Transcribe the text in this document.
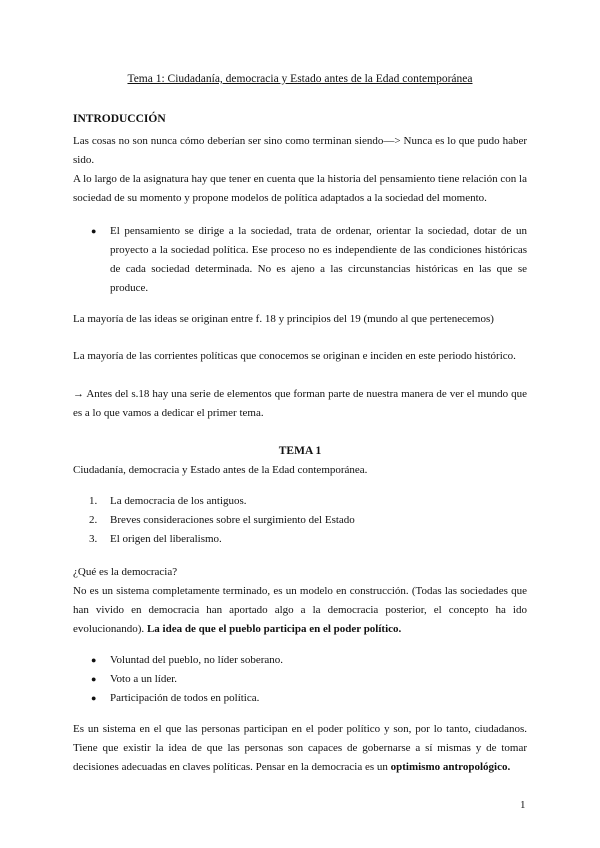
Tema 1: Ciudadanía, democracia y Estado antes de la Edad contemporánea
INTRODUCCIÓN

Las cosas no son nunca cómo deberían ser sino como terminan siendo—> Nunca es lo que pudo haber sido.

A lo largo de la asignatura hay que tener en cuenta que la historia del pensamiento tiene relación con la sociedad de su momento y propone modelos de política adaptados a la sociedad del momento.

● El pensamiento se dirige a la sociedad, trata de ordenar, orientar la sociedad, dotar de un proyecto a la sociedad política. Ese proceso no es independiente de las condiciones históricas de cada sociedad determinada. No es ajeno a las circunstancias históricas en las que se produce.

La mayoría de las ideas se originan entre f. 18 y principios del 19 (mundo al que pertenecemos)

La mayoría de las corrientes políticas que conocemos se originan e inciden en este periodo histórico.

→ Antes del s.18 hay una serie de elementos que forman parte de nuestra manera de ver el mundo que es a lo que vamos a dedicar el primer tema.

TEMA 1

Ciudadanía, democracia y Estado antes de la Edad contemporánea.

1. La democracia de los antiguos.
2. Breves consideraciones sobre el surgimiento del Estado
3. El origen del liberalismo.

¿Qué es la democracia?

No es un sistema completamente terminado, es un modelo en construcción. (Todas las sociedades que han vivido en democracia han aportado algo a la democracia posterior, el concepto ha ido evolucionando). La idea de que el pueblo participa en el poder político.

● Voluntad del pueblo, no líder soberano.
● Voto a un líder.
● Participación de todos en política.

Es un sistema en el que las personas participan en el poder político y son, por lo tanto, ciudadanos. Tiene que existir la idea de que las personas son capaces de gobernarse a sí mismas y de tomar decisiones adecuadas en claves políticas. Pensar en la democracia es un optimismo antropológico.

1
